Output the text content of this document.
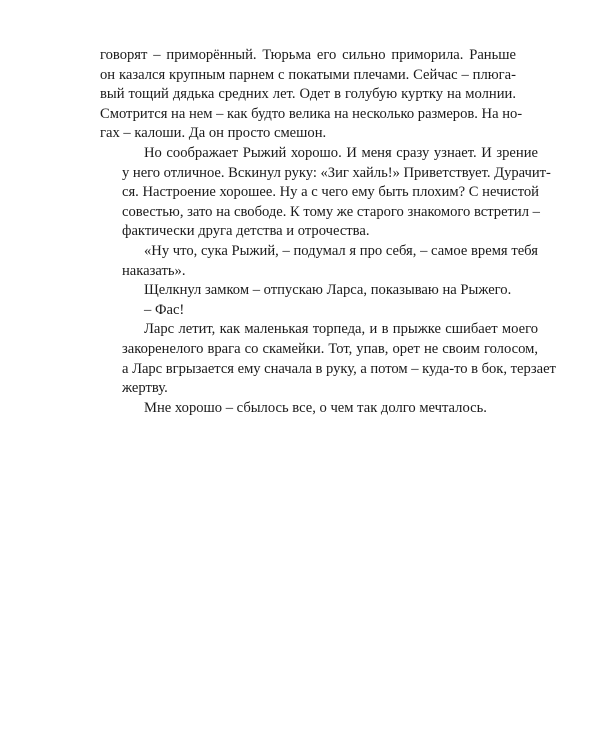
говорят – приморённый. Тюрьма его сильно приморила. Раньше
он казался крупным парнем с покатыми плечами. Сейчас – плюга-
вый тощий дядька средних лет. Одет в голубую куртку на молнии.
Смотрится на нем – как будто велика на несколько размеров. На но-
гах – калоши. Да он просто смешон.

Но соображает Рыжий хорошо. И меня сразу узнает. И зрение
у него отличное. Вскинул руку: «Зиг хайль!» Приветствует. Дурачит-
ся. Настроение хорошее. Ну а с чего ему быть плохим? С нечистой
совестью, зато на свободе. К тому же старого знакомого встретил –
фактически друга детства и отрочества.

«Ну что, сука Рыжий, – подумал я про себя, – самое время тебя
наказать».

Щелкнул замком – отпускаю Ларса, показываю на Рыжего.

– Фас!

Ларс летит, как маленькая торпеда, и в прыжке сшибает моего
закоренелого врага со скамейки. Тот, упав, орет не своим голосом,
а Ларс вгрызается ему сначала в руку, а потом – куда-то в бок, терзает
жертву.

Мне хорошо – сбылось все, о чем так долго мечталось.
